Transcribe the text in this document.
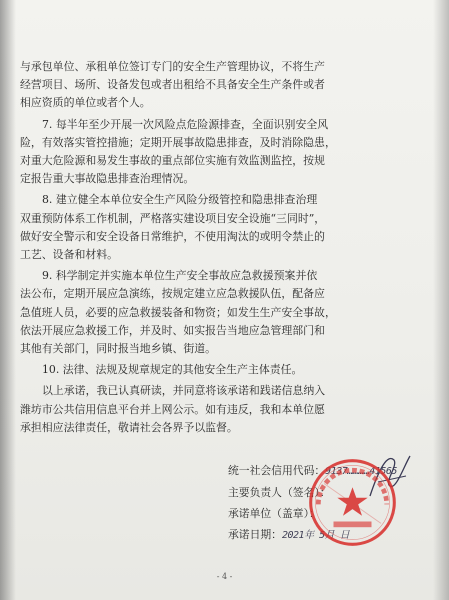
与承包单位、承租单位签订专门的安全生产管理协议，不将生产
经营项目、场所、设备发包或者出租给不具备安全生产条件或者
相应资质的单位或者个人。
7. 每半年至少开展一次风险点危险源排查，全面识别安全风
险，有效落实管控措施；定期开展事故隐患排查，及时消除隐患，
对重大危险源和易发生事故的重点部位实施有效监测监控，按规
定报告重大事故隐患排查治理情况。
8. 建立健全本单位安全生产风险分级管控和隐患排查治理
双重预防体系工作机制，严格落实建设项目安全设施“三同时”，
做好安全警示和安全设备日常维护，不使用淘汰的或明令禁止的
工艺、设备和材料。
9. 科学制定并实施本单位生产安全事故应急救援预案并依
法公布，定期开展应急演练，按规定建立应急救援队伍，配备应
急值班人员，必要的应急救援装备和物资；如发生生产安全事故，
依法开展应急救援工作，并及时、如实报告当地应急管理部门和
其他有关部门，同时报当地乡镇、街道。
10. 法律、法规及规章规定的其他安全生产主体责任。
以上承诺，我已认真研读，并同意将该承诺和践诺信息纳入
潍坊市公共信用信息平台并上网公示。如有违反，我和本单位愿
承担相应法律责任，敬请社会各界予以监督。
统一社会信用代码：9137…………41565
主要负责人（签名）：
承诺单位（盖章）：
承诺日期：2021年 5月 日
- 4 -
